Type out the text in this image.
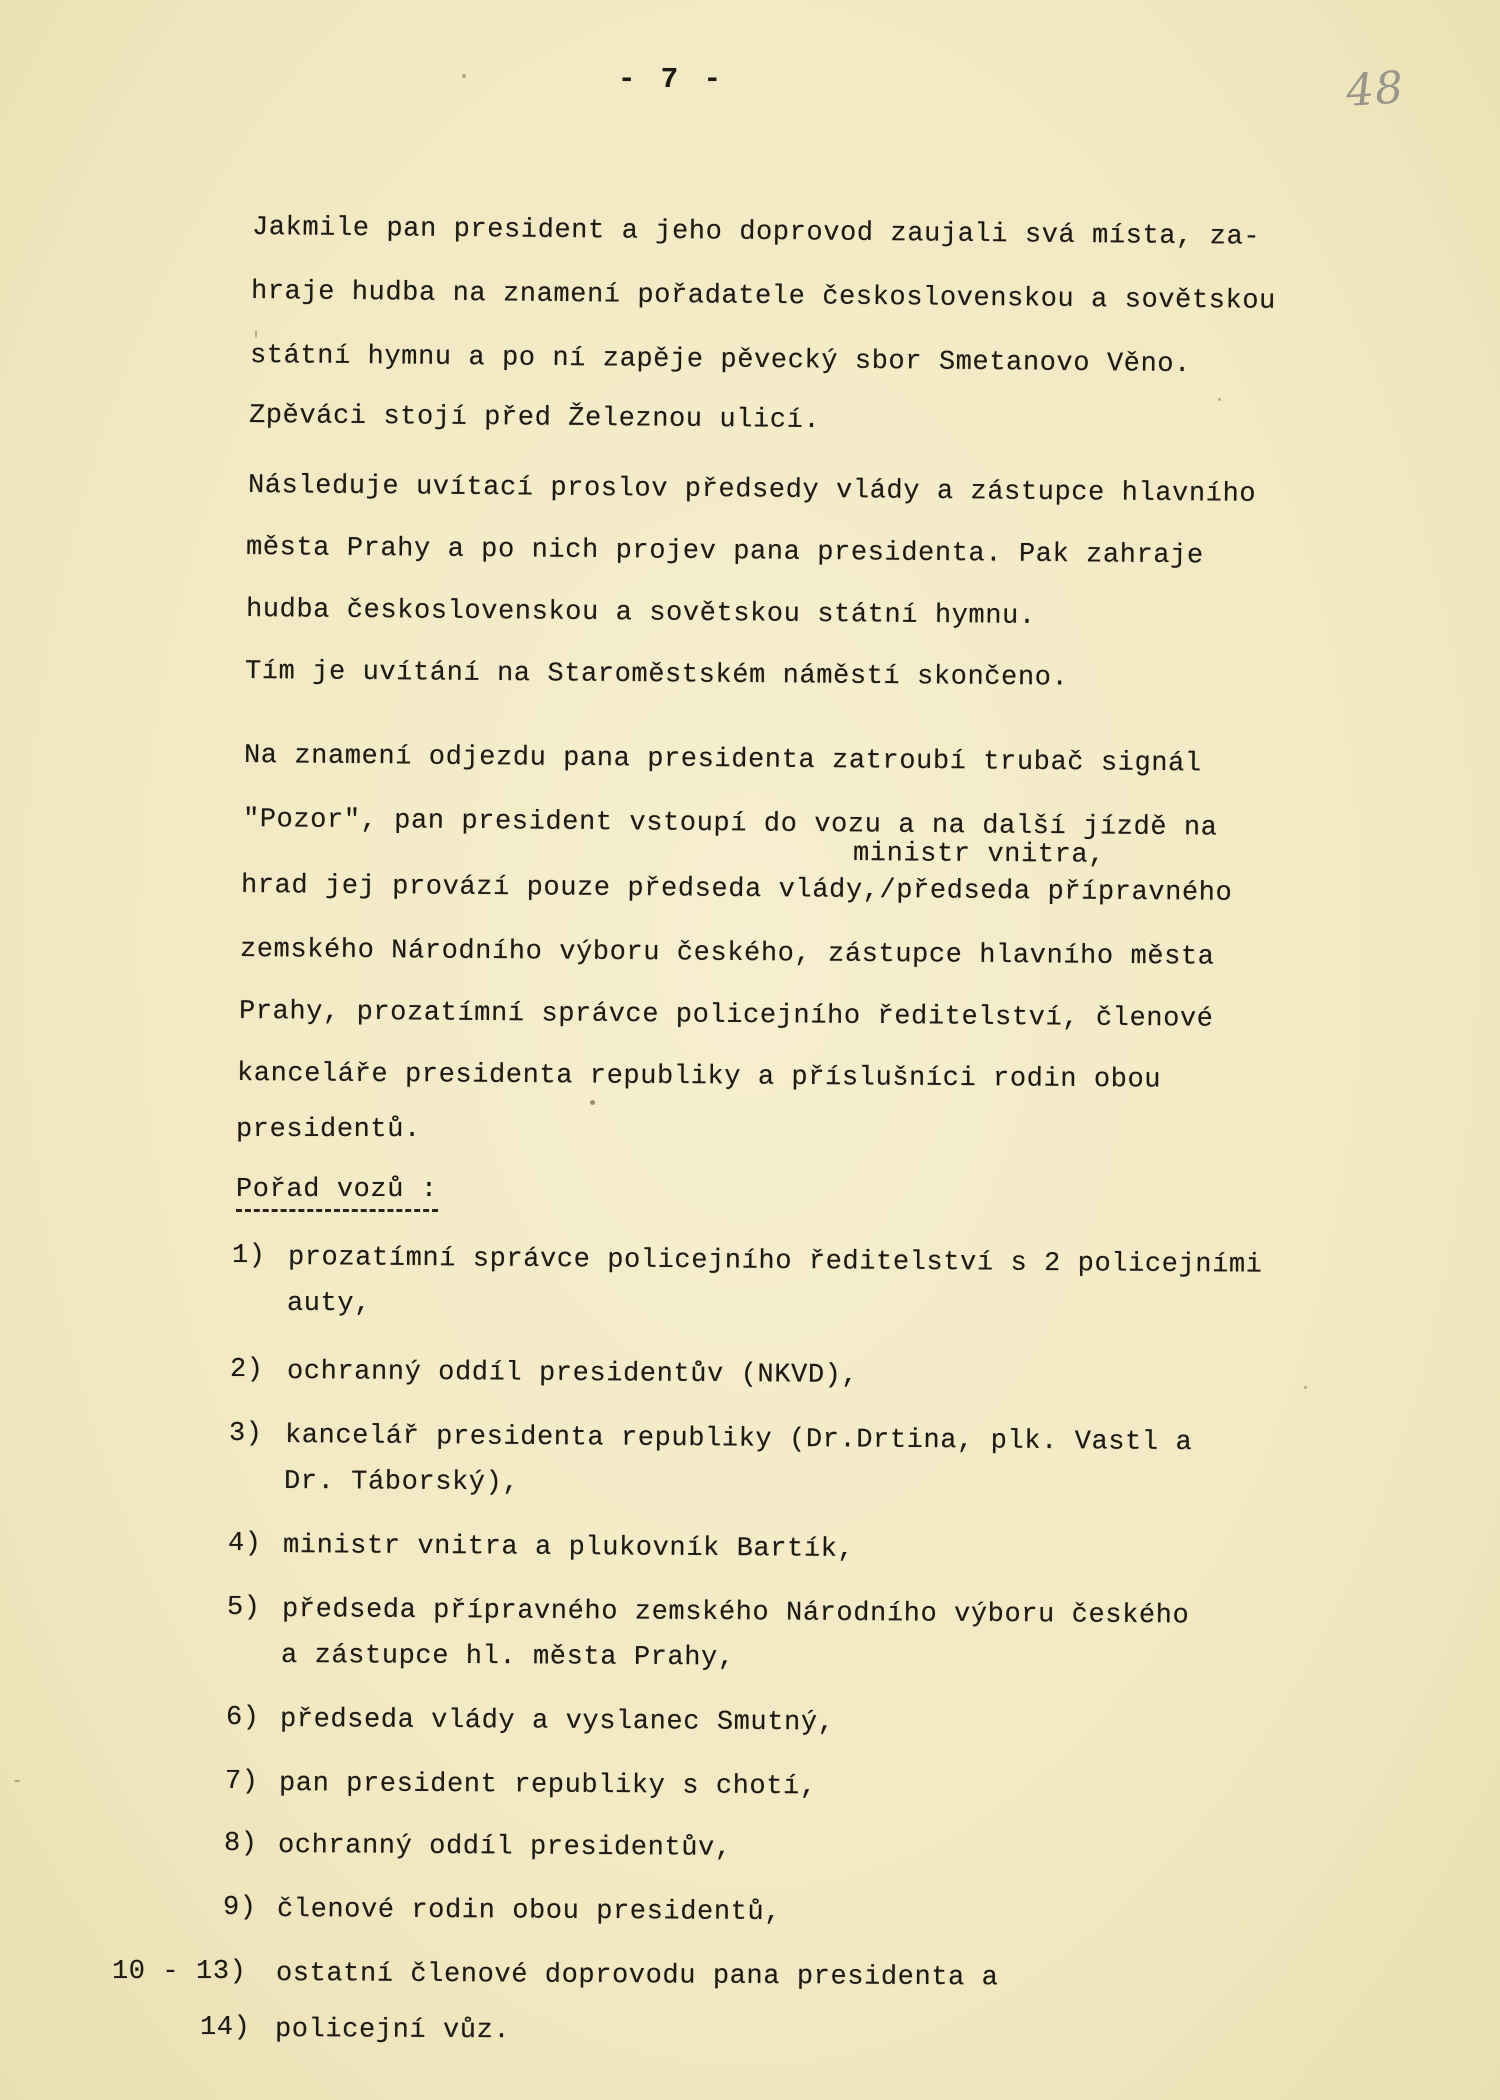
- 7 -	48
Jakmile pan president a jeho doprovod zaujali svá místa, za-
hraje hudba na znamení pořadatele československou a sovětskou
státní hymnu a po ní zapěje pěvecký sbor Smetanovo Věno.
Zpěváci stojí před Železnou ulicí.
Následuje uvítací proslov předsedy vlády a zástupce hlavního
města Prahy a po nich projev pana presidenta. Pak zahraje
hudba československou a sovětskou státní hymnu.
Tím je uvítání na Staroměstském náměstí skončeno.
Na znamení odjezdu pana presidenta zatroubí trubač signál
"Pozor", pan president vstoupí do vozu a na další jízdě na
ministr vnitra,
hrad jej provází pouze předseda vlády,/předseda přípravného
zemského Národního výboru českého, zástupce hlavního města
Prahy, prozatímní správce policejního ředitelství, členové
kanceláře presidenta republiky a příslušníci rodin obou
presidentů.
Pořad vozů :
1) prozatímní správce policejního ředitelství s 2 policejními
auty,
2) ochranný oddíl presidentův (NKVD),
3) kancelář presidenta republiky (Dr.Drtina, plk. Vastl a
Dr. Táborský),
4) ministr vnitra a plukovník Bartík,
5) předseda přípravného zemského Národního výboru českého
a zástupce hl. města Prahy,
6) předseda vlády a vyslanec Smutný,
7) pan president republiky s chotí,
8) ochranný oddíl presidentův,
9) členové rodin obou presidentů,
10 - 13) ostatní členové doprovodu pana presidenta a
14) policejní vůz.
